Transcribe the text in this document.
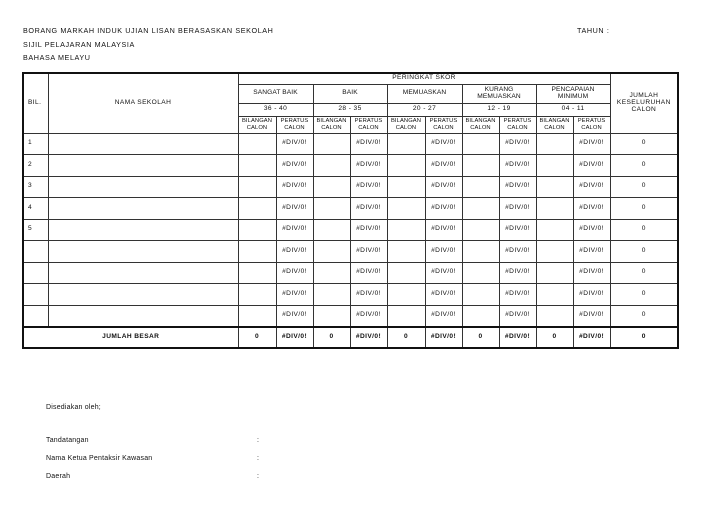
BORANG MARKAH INDUK UJIAN LISAN BERASASKAN SEKOLAH	TAHUN :
SIJIL PELAJARAN MALAYSIA
BAHASA MELAYU
BIL.	NAMA SEKOLAH	PERINGKAT SKOR										JUMLAH KESELURUHAN CALON
		SANGAT BAIK		BAIK		MEMUASKAN		KURANG MEMUASKAN		PENCAPAIAN MINIMUM		
		36 - 40		28 - 35		20 - 27		12 - 19		04 - 11		
		BILANGAN CALON	PERATUS CALON	BILANGAN CALON	PERATUS CALON	BILANGAN CALON	PERATUS CALON	BILANGAN CALON	PERATUS CALON	BILANGAN CALON	PERATUS CALON	
1			#DIV/0!		#DIV/0!		#DIV/0!		#DIV/0!		#DIV/0!	0
2			#DIV/0!		#DIV/0!		#DIV/0!		#DIV/0!		#DIV/0!	0
3			#DIV/0!		#DIV/0!		#DIV/0!		#DIV/0!		#DIV/0!	0
4			#DIV/0!		#DIV/0!		#DIV/0!		#DIV/0!		#DIV/0!	0
5			#DIV/0!		#DIV/0!		#DIV/0!		#DIV/0!		#DIV/0!	0
			#DIV/0!		#DIV/0!		#DIV/0!		#DIV/0!		#DIV/0!	0
			#DIV/0!		#DIV/0!		#DIV/0!		#DIV/0!		#DIV/0!	0
			#DIV/0!		#DIV/0!		#DIV/0!		#DIV/0!		#DIV/0!	0
			#DIV/0!		#DIV/0!		#DIV/0!		#DIV/0!		#DIV/0!	0
JUMLAH BESAR		0	#DIV/0!	0	#DIV/0!	0	#DIV/0!	0	#DIV/0!	0	#DIV/0!	0
Disediakan oleh;
Tandatangan	:
Nama Ketua Pentaksir Kawasan	:
Daerah	:
